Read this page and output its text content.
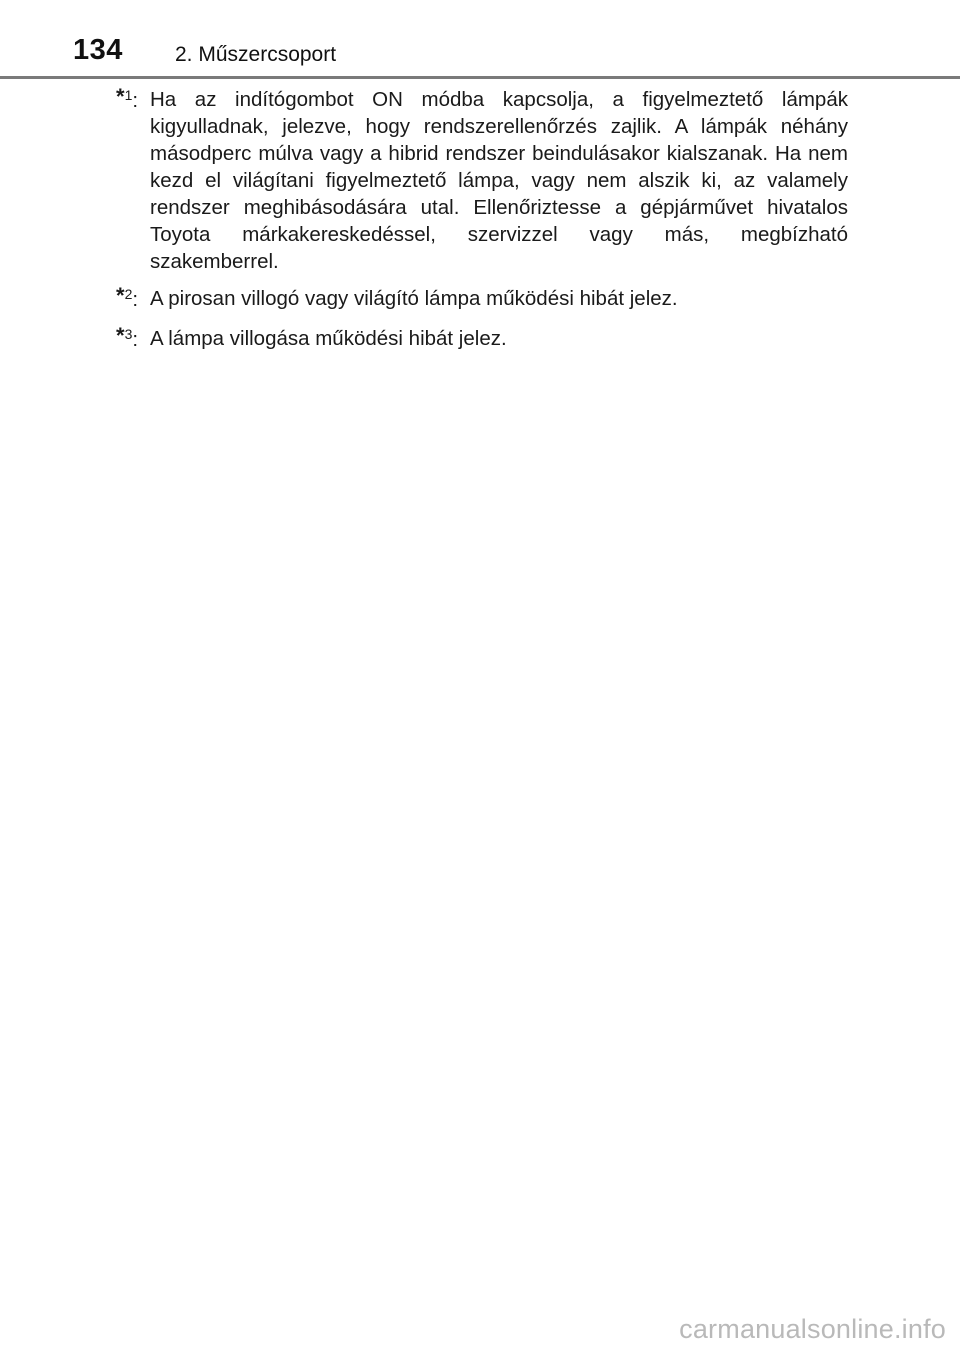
134 2. Műszercsoport
*$^1$: Ha az indítógombot ON módba kapcsolja, a figyelmeztető lámpák kigyulladnak, jelezve, hogy rendszerellenőrzés zajlik. A lámpák néhány másodperc múlva vagy a hibrid rendszer beindulásakor kialszanak. Ha nem kezd el világítani figyelmeztető lámpa, vagy nem alszik ki, az valamely rendszer meghibásodására utal. Ellenőriztesse a gépjárművet hivatalos Toyota márkakereskedéssel, szervizzel vagy más, megbízható szakemberrel.
*$^2$: A pirosan villogó vagy világító lámpa működési hibát jelez.
*$^3$: A lámpa villogása működési hibát jelez.
carmanualsonline.info
